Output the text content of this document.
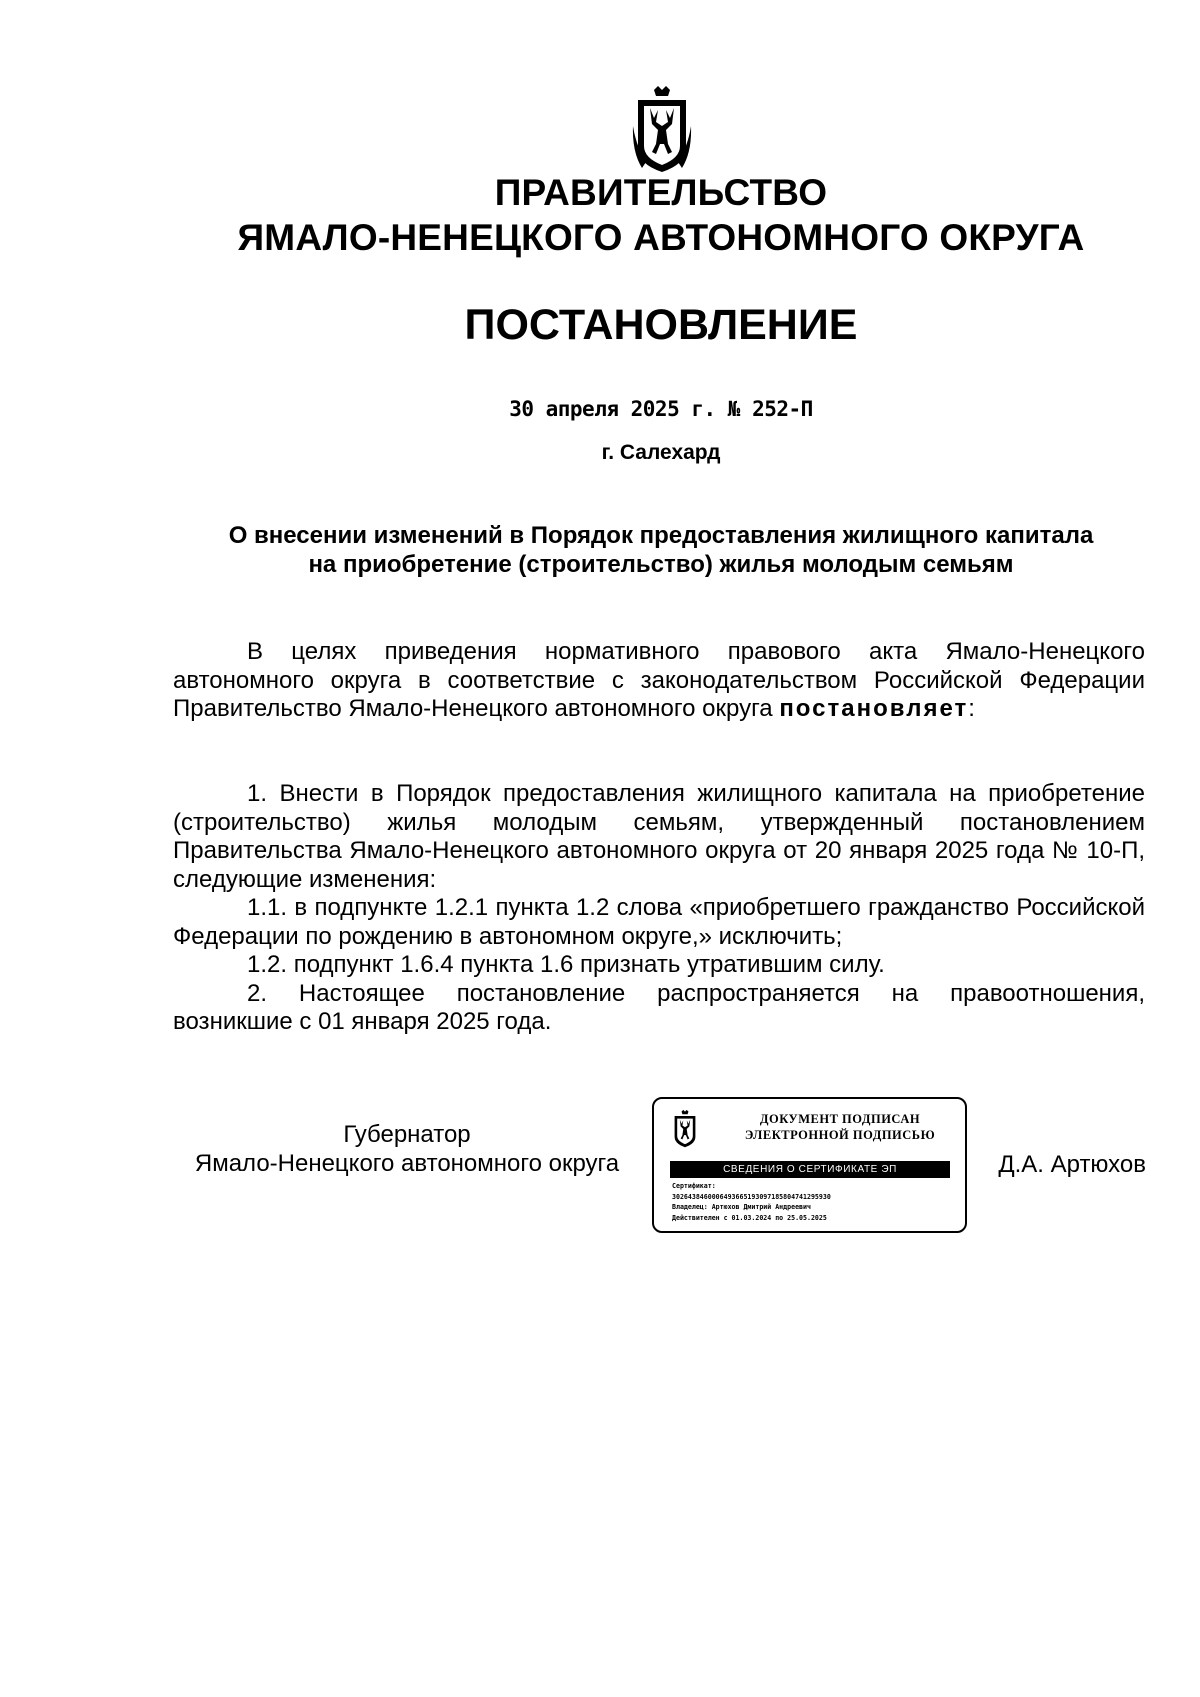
ПРАВИТЕЛЬСТВО
ЯМАЛО-НЕНЕЦКОГО АВТОНОМНОГО ОКРУГА
ПОСТАНОВЛЕНИЕ
30 апреля 2025 г. № 252-П
г. Салехард
О внесении изменений в Порядок предоставления жилищного капитала
на приобретение (строительство) жилья молодым семьям

В целях приведения нормативного правового акта Ямало-Ненецкого автономного округа в соответствие с законодательством Российской Федерации Правительство Ямало-Ненецкого автономного округа постановляет:

1. Внести в Порядок предоставления жилищного капитала на приобретение (строительство) жилья молодым семьям, утвержденный постановлением Правительства Ямало-Ненецкого автономного округа от 20 января 2025 года № 10-П, следующие изменения:

1.1. в подпункте 1.2.1 пункта 1.2 слова «приобретшего гражданство Российской Федерации по рождению в автономном округе,» исключить;

1.2. подпункт 1.6.4 пункта 1.6 признать утратившим силу.

2. Настоящее постановление распространяется на правоотношения, возникшие с 01 января 2025 года.

Губернатор
Ямало-Ненецкого автономного округа
ДОКУМЕНТ ПОДПИСАН
ЭЛЕКТРОННОЙ ПОДПИСЬЮ
СВЕДЕНИЯ О СЕРТИФИКАТЕ ЭП
Сертификат:
3026438460006493665193097185804741295930
Владелец: Артюхов Дмитрий Андреевич
Действителен с 01.03.2024 по 25.05.2025
Д.А. Артюхов
